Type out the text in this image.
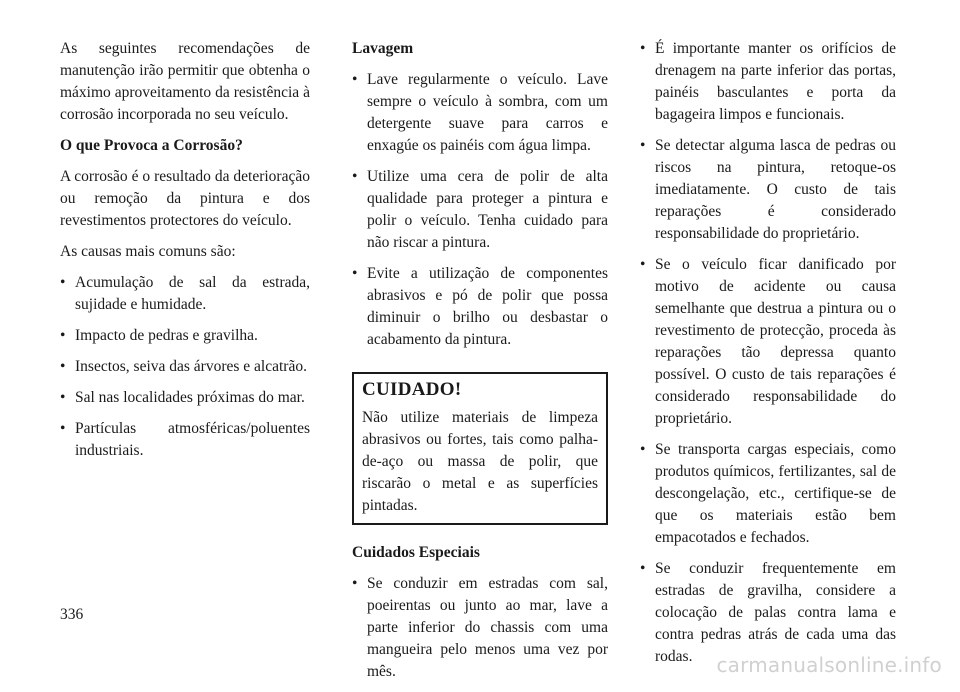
As seguintes recomendações de manutenção irão permitir que obtenha o máximo aproveitamento da resistência à corrosão incorporada no seu veículo.

O que Provoca a Corrosão?

A corrosão é o resultado da deterioração ou remoção da pintura e dos revestimentos protectores do veículo.

As causas mais comuns são:

• Acumulação de sal da estrada, sujidade e humidade.
• Impacto de pedras e gravilha.
• Insectos, seiva das árvores e alcatrão.
• Sal nas localidades próximas do mar.
• Partículas atmosféricas/poluentes industriais.
Lavagem
• Lave regularmente o veículo. Lave sempre o veículo à sombra, com um detergente suave para carros e enxagúe os painéis com água limpa.
• Utilize uma cera de polir de alta qualidade para proteger a pintura e polir o veículo. Tenha cuidado para não riscar a pintura.
• Evite a utilização de componentes abrasivos e pó de polir que possa diminuir o brilho ou desbastar o acabamento da pintura.
CUIDADO!

Não utilize materiais de limpeza abrasivos ou fortes, tais como palha-de-aço ou massa de polir, que riscarão o metal e as superfícies pintadas.

Cuidados Especiais
• Se conduzir em estradas com sal, poeirentas ou junto ao mar, lave a parte inferior do chassis com uma mangueira pelo menos uma vez por mês.
• É importante manter os orifícios de drenagem na parte inferior das portas, painéis basculantes e porta da bagageira limpos e funcionais.
• Se detectar alguma lasca de pedras ou riscos na pintura, retoque-os imediatamente. O custo de tais reparações é considerado responsabilidade do proprietário.
• Se o veículo ficar danificado por motivo de acidente ou causa semelhante que destrua a pintura ou o revestimento de protecção, proceda às reparações tão depressa quanto possível. O custo de tais reparações é considerado responsabilidade do proprietário.
• Se transporta cargas especiais, como produtos químicos, fertilizantes, sal de descongelação, etc., certifique-se de que os materiais estão bem empacotados e fechados.
• Se conduzir frequentemente em estradas de gravilha, considere a colocação de palas contra lama e contra pedras atrás de cada uma das rodas.

336

carmanualsonline.info
